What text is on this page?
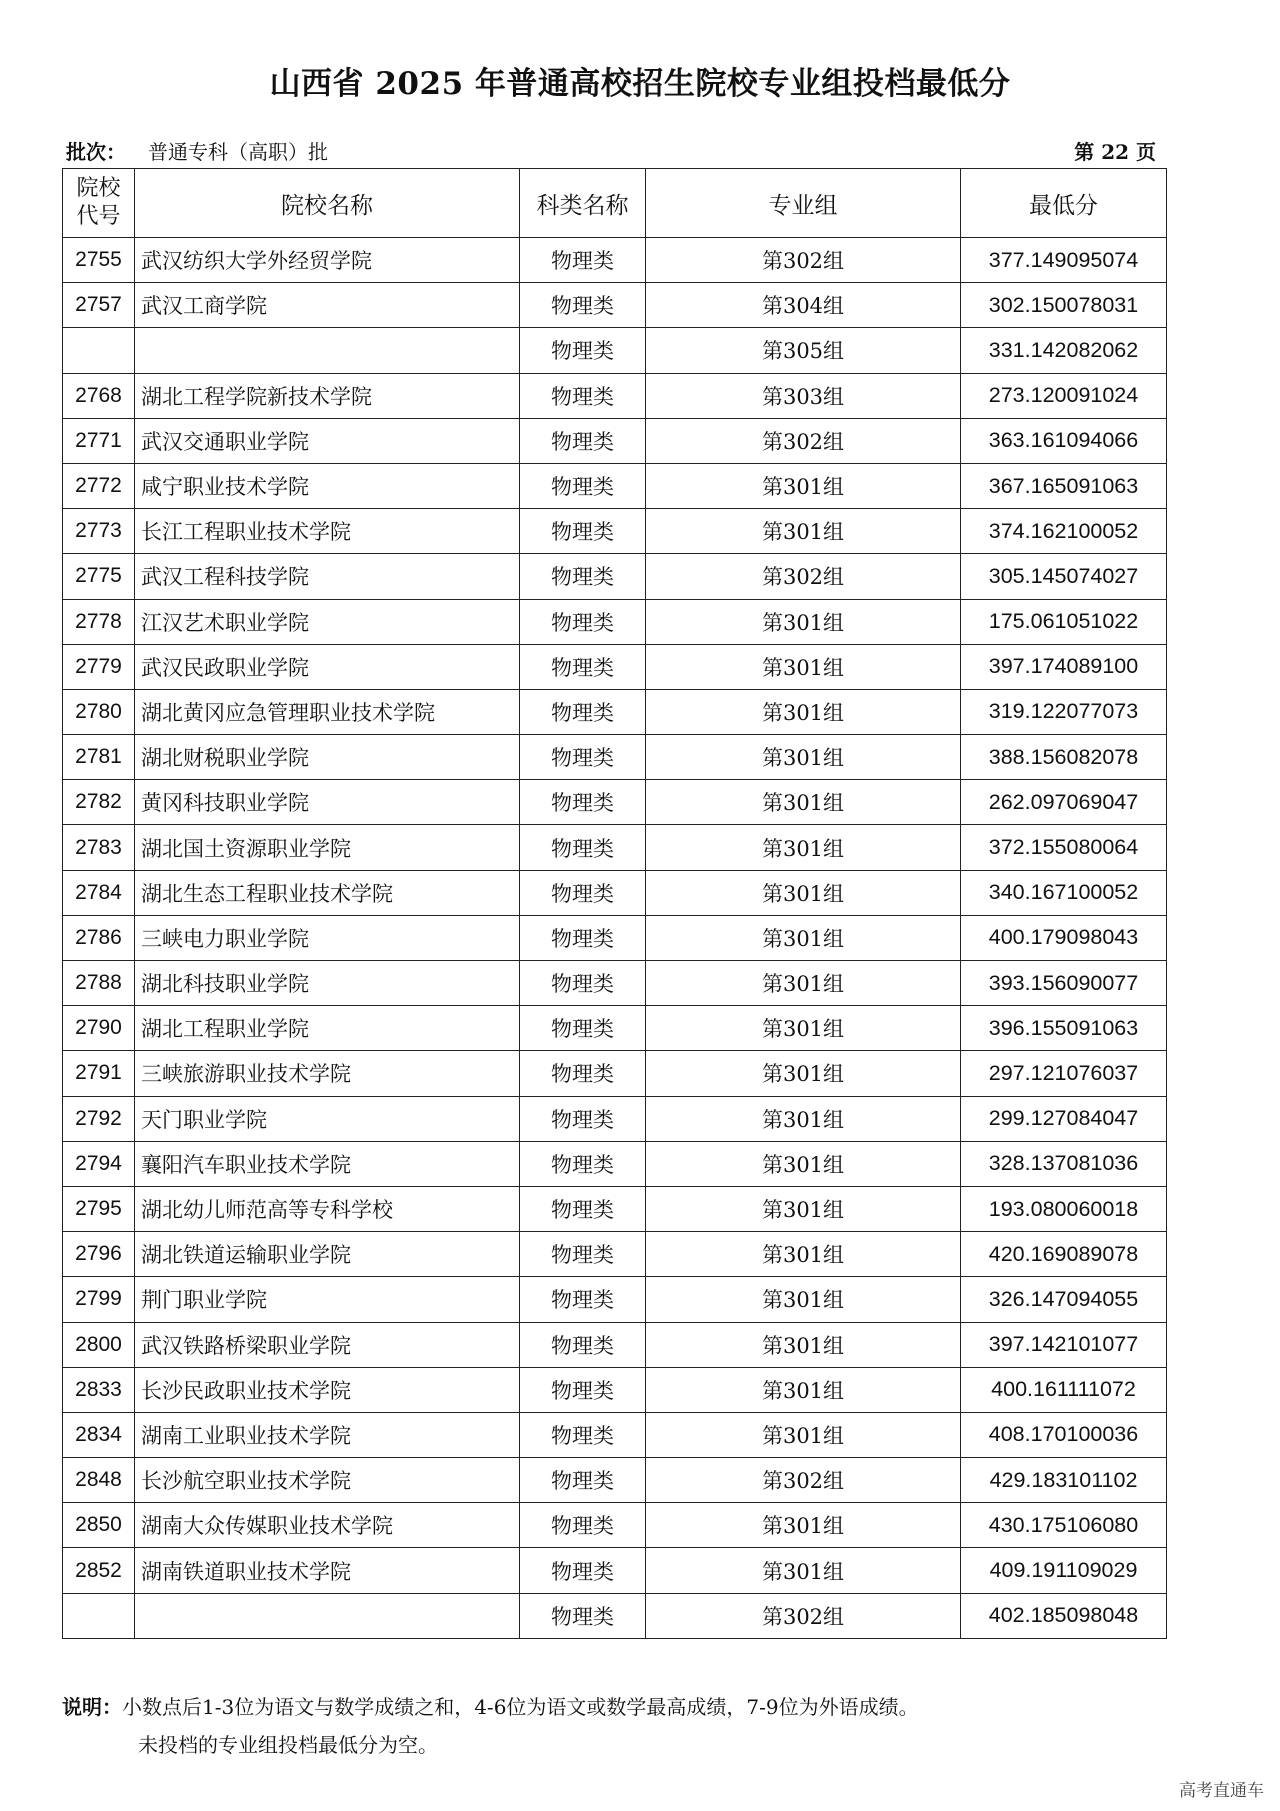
山西省 2025 年普通高校招生院校专业组投档最低分
批次： 普通专科（高职）批	第 22 页
院校
代号	院校名称	科类名称	专业组	最低分
2755	武汉纺织大学外经贸学院	物理类	第302组	377.149095074
2757	武汉工商学院	物理类	第304组	302.150078031
		物理类	第305组	331.142082062
2768	湖北工程学院新技术学院	物理类	第303组	273.120091024
2771	武汉交通职业学院	物理类	第302组	363.161094066
2772	咸宁职业技术学院	物理类	第301组	367.165091063
2773	长江工程职业技术学院	物理类	第301组	374.162100052
2775	武汉工程科技学院	物理类	第302组	305.145074027
2778	江汉艺术职业学院	物理类	第301组	175.061051022
2779	武汉民政职业学院	物理类	第301组	397.174089100
2780	湖北黄冈应急管理职业技术学院	物理类	第301组	319.122077073
2781	湖北财税职业学院	物理类	第301组	388.156082078
2782	黄冈科技职业学院	物理类	第301组	262.097069047
2783	湖北国土资源职业学院	物理类	第301组	372.155080064
2784	湖北生态工程职业技术学院	物理类	第301组	340.167100052
2786	三峡电力职业学院	物理类	第301组	400.179098043
2788	湖北科技职业学院	物理类	第301组	393.156090077
2790	湖北工程职业学院	物理类	第301组	396.155091063
2791	三峡旅游职业技术学院	物理类	第301组	297.121076037
2792	天门职业学院	物理类	第301组	299.127084047
2794	襄阳汽车职业技术学院	物理类	第301组	328.137081036
2795	湖北幼儿师范高等专科学校	物理类	第301组	193.080060018
2796	湖北铁道运输职业学院	物理类	第301组	420.169089078
2799	荆门职业学院	物理类	第301组	326.147094055
2800	武汉铁路桥梁职业学院	物理类	第301组	397.142101077
2833	长沙民政职业技术学院	物理类	第301组	400.161111072
2834	湖南工业职业技术学院	物理类	第301组	408.170100036
2848	长沙航空职业技术学院	物理类	第302组	429.183101102
2850	湖南大众传媒职业技术学院	物理类	第301组	430.175106080
2852	湖南铁道职业技术学院	物理类	第301组	409.191109029
		物理类	第302组	402.185098048
说明：小数点后1-3位为语文与数学成绩之和，4-6位为语文或数学最高成绩，7-9位为外语成绩。
未投档的专业组投档最低分为空。
高考直通车
